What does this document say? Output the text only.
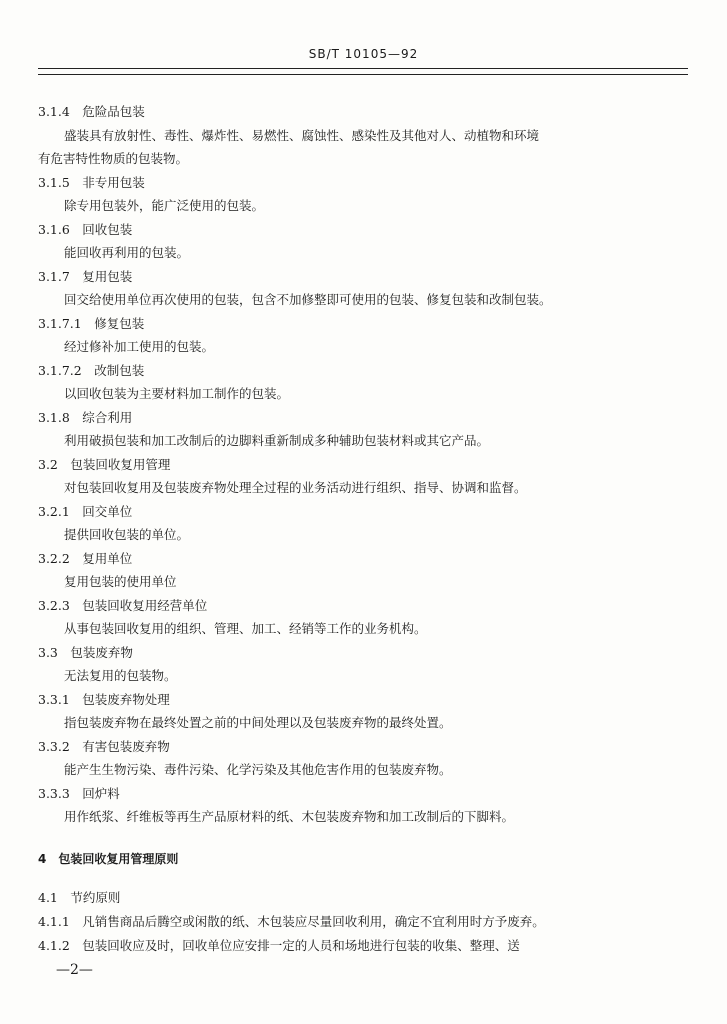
SB/T 10105—92
3.1.4　危险品包装
盛装具有放射性、毒性、爆炸性、易燃性、腐蚀性、感染性及其他对人、动植物和环境
有危害特性物质的包装物。
3.1.5　非专用包装
除专用包装外，能广泛使用的包装。
3.1.6　回收包装
能回收再利用的包装。
3.1.7　复用包装
回交给使用单位再次使用的包装，包含不加修整即可使用的包装、修复包装和改制包装。
3.1.7.1　修复包装
经过修补加工使用的包装。
3.1.7.2　改制包装
以回收包装为主要材料加工制作的包装。
3.1.8　综合利用
利用破损包装和加工改制后的边脚料重新制成多种辅助包装材料或其它产品。
3.2　包装回收复用管理
对包装回收复用及包装废弃物处理全过程的业务活动进行组织、指导、协调和监督。
3.2.1　回交单位
提供回收包装的单位。
3.2.2　复用单位
复用包装的使用单位
3.2.3　包装回收复用经营单位
从事包装回收复用的组织、管理、加工、经销等工作的业务机构。
3.3　包装废弃物
无法复用的包装物。
3.3.1　包装废弃物处理
指包装废弃物在最终处置之前的中间处理以及包装废弃物的最终处置。
3.3.2　有害包装废弃物
能产生生物污染、毒件污染、化学污染及其他危害作用的包装废弃物。
3.3.3　回炉料
用作纸浆、纤维板等再生产品原材料的纸、木包装废弃物和加工改制后的下脚料。
4　包装回收复用管理原则
4.1　节约原则
4.1.1　凡销售商品后腾空或闲散的纸、木包装应尽量回收利用，确定不宜利用时方予废弃。
4.1.2　包装回收应及时，回收单位应安排一定的人员和场地进行包装的收集、整理、送
—2—
